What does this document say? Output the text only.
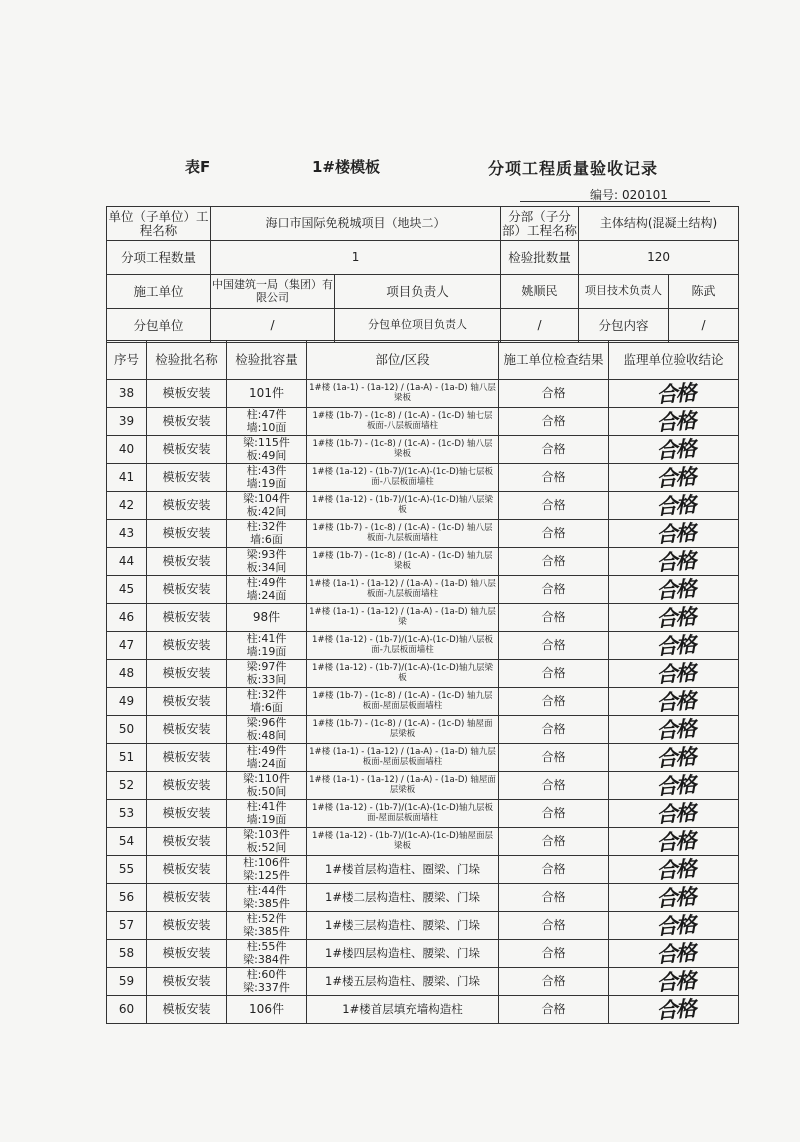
表F	1#楼模板	分项工程质量验收记录
编号: 020101
单位（子单位）工程名称	海口市国际免税城项目（地块二）		分部（子分部）工程名称	主体结构(混凝土结构)	
分项工程数量	1		检验批数量	120	
施工单位	中国建筑一局（集团）有限公司	项目负责人	姚顺民	项目技术负责人	陈武
分包单位	/	分包单位项目负责人	/	分包内容	/
序号	检验批名称	检验批容量	部位/区段	施工单位检查结果	监理单位验收结论
38	模板安装	101件	1#楼 (1a-1) - (1a-12) / (1a-A) - (1a-D) 轴八层梁板	合格	合格
39	模板安装	柱:47件
墙:10面	1#楼 (1b-7) - (1c-8) / (1c-A) - (1c-D) 轴七层板面-八层板面墙柱	合格	合格
40	模板安装	梁:115件
板:49间	1#楼 (1b-7) - (1c-8) / (1c-A) - (1c-D) 轴八层梁板	合格	合格
41	模板安装	柱:43件
墙:19面	1#楼 (1a-12) - (1b-7)/(1c-A)-(1c-D)轴七层板面-八层板面墙柱	合格	合格
42	模板安装	梁:104件
板:42间	1#楼 (1a-12) - (1b-7)/(1c-A)-(1c-D)轴八层梁板	合格	合格
43	模板安装	柱:32件
墙:6面	1#楼 (1b-7) - (1c-8) / (1c-A) - (1c-D) 轴八层板面-九层板面墙柱	合格	合格
44	模板安装	梁:93件
板:34间	1#楼 (1b-7) - (1c-8) / (1c-A) - (1c-D) 轴九层梁板	合格	合格
45	模板安装	柱:49件
墙:24面	1#楼 (1a-1) - (1a-12) / (1a-A) - (1a-D) 轴八层板面-九层板面墙柱	合格	合格
46	模板安装	98件	1#楼 (1a-1) - (1a-12) / (1a-A) - (1a-D) 轴九层梁	合格	合格
47	模板安装	柱:41件
墙:19面	1#楼 (1a-12) - (1b-7)/(1c-A)-(1c-D)轴八层板面-九层板面墙柱	合格	合格
48	模板安装	梁:97件
板:33间	1#楼 (1a-12) - (1b-7)/(1c-A)-(1c-D)轴九层梁板	合格	合格
49	模板安装	柱:32件
墙:6面	1#楼 (1b-7) - (1c-8) / (1c-A) - (1c-D) 轴九层板面-屋面层板面墙柱	合格	合格
50	模板安装	梁:96件
板:48间	1#楼 (1b-7) - (1c-8) / (1c-A) - (1c-D) 轴屋面层梁板	合格	合格
51	模板安装	柱:49件
墙:24面	1#楼 (1a-1) - (1a-12) / (1a-A) - (1a-D) 轴九层板面-屋面层板面墙柱	合格	合格
52	模板安装	梁:110件
板:50间	1#楼 (1a-1) - (1a-12) / (1a-A) - (1a-D) 轴屋面层梁板	合格	合格
53	模板安装	柱:41件
墙:19面	1#楼 (1a-12) - (1b-7)/(1c-A)-(1c-D)轴九层板面-屋面层板面墙柱	合格	合格
54	模板安装	梁:103件
板:52间	1#楼 (1a-12) - (1b-7)/(1c-A)-(1c-D)轴屋面层梁板	合格	合格
55	模板安装	柱:106件
梁:125件	1#楼首层构造柱、圈梁、门垛	合格	合格
56	模板安装	柱:44件
梁:385件	1#楼二层构造柱、腰梁、门垛	合格	合格
57	模板安装	柱:52件
梁:385件	1#楼三层构造柱、腰梁、门垛	合格	合格
58	模板安装	柱:55件
梁:384件	1#楼四层构造柱、腰梁、门垛	合格	合格
59	模板安装	柱:60件
梁:337件	1#楼五层构造柱、腰梁、门垛	合格	合格
60	模板安装	106件	1#楼首层填充墙构造柱	合格	合格
